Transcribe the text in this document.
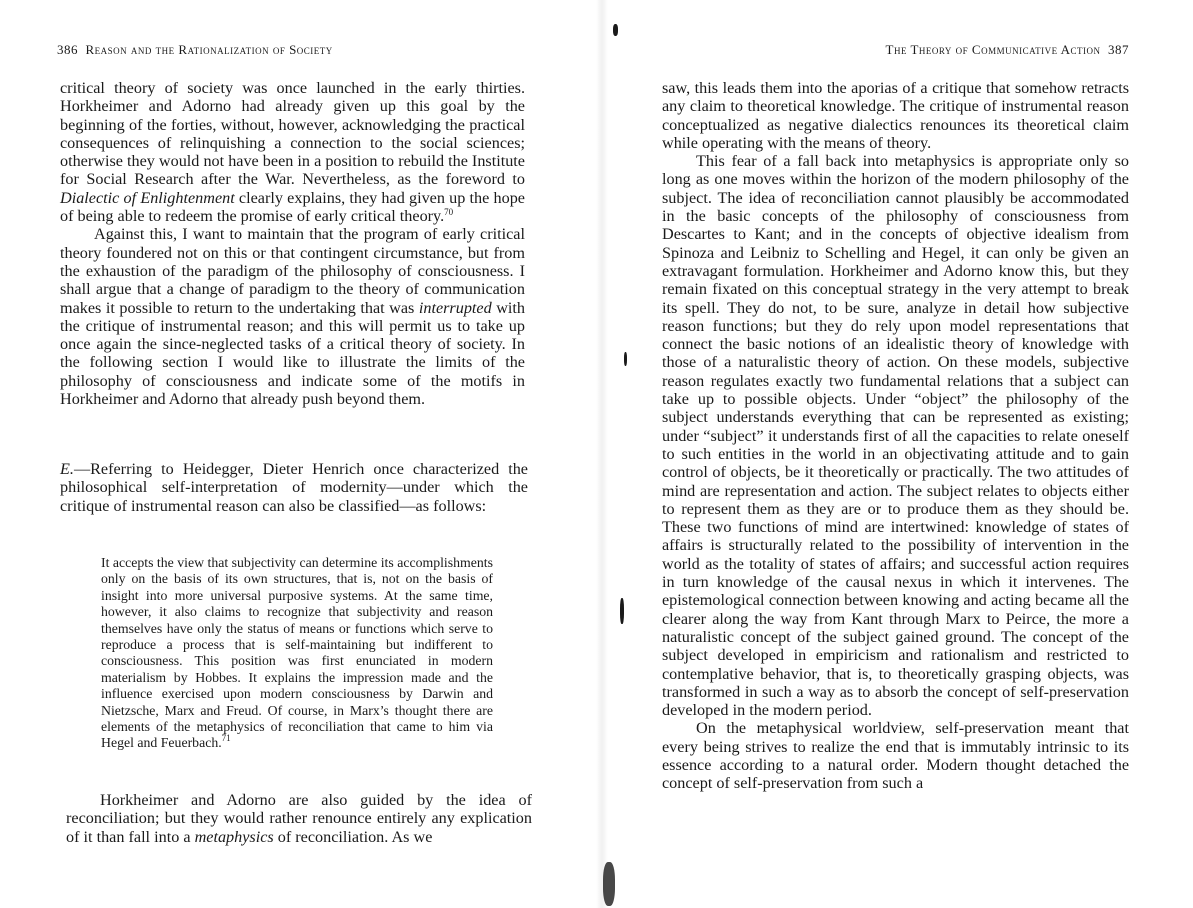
386 Reason and the Rationalization of Society

critical theory of society was once launched in the early thirties. Horkheimer and Adorno had already given up this goal by the beginning of the forties, without, however, acknowledging the practical consequences of relinquishing a connection to the social sciences; otherwise they would not have been in a position to rebuild the Institute for Social Research after the War. Nevertheless, as the foreword to Dialectic of Enlightenment clearly explains, they had given up the hope of being able to redeem the promise of early critical theory.$^{70}$

Against this, I want to maintain that the program of early critical theory foundered not on this or that contingent circumstance, but from the exhaustion of the paradigm of the philosophy of consciousness. I shall argue that a change of paradigm to the theory of communication makes it possible to return to the undertaking that was interrupted with the critique of instrumental reason; and this will permit us to take up once again the since-neglected tasks of a critical theory of society. In the following section I would like to illustrate the limits of the philosophy of consciousness and indicate some of the motifs in Horkheimer and Adorno that already push beyond them.

E.—Referring to Heidegger, Dieter Henrich once characterized the philosophical self-interpretation of modernity—under which the critique of instrumental reason can also be classified—as follows:

It accepts the view that subjectivity can determine its accomplishments only on the basis of its own structures, that is, not on the basis of insight into more universal purposive systems. At the same time, however, it also claims to recognize that subjectivity and reason themselves have only the status of means or functions which serve to reproduce a process that is self-maintaining but indifferent to consciousness. This position was first enunciated in modern materialism by Hobbes. It explains the impression made and the influence exercised upon modern consciousness by Darwin and Nietzsche, Marx and Freud. Of course, in Marx’s thought there are elements of the metaphysics of reconciliation that came to him via Hegel and Feuerbach.$^{71}$

Horkheimer and Adorno are also guided by the idea of reconciliation; but they would rather renounce entirely any explication of it than fall into a metaphysics of reconciliation. As we

The Theory of Communicative Action 387

saw, this leads them into the aporias of a critique that somehow retracts any claim to theoretical knowledge. The critique of instrumental reason conceptualized as negative dialectics renounces its theoretical claim while operating with the means of theory.

This fear of a fall back into metaphysics is appropriate only so long as one moves within the horizon of the modern philosophy of the subject. The idea of reconciliation cannot plausibly be accommodated in the basic concepts of the philosophy of consciousness from Descartes to Kant; and in the concepts of objective idealism from Spinoza and Leibniz to Schelling and Hegel, it can only be given an extravagant formulation. Horkheimer and Adorno know this, but they remain fixated on this conceptual strategy in the very attempt to break its spell. They do not, to be sure, analyze in detail how subjective reason functions; but they do rely upon model representations that connect the basic notions of an idealistic theory of knowledge with those of a naturalistic theory of action. On these models, subjective reason regulates exactly two fundamental relations that a subject can take up to possible objects. Under “object” the philosophy of the subject understands everything that can be represented as existing; under “subject” it understands first of all the capacities to relate oneself to such entities in the world in an objectivating attitude and to gain control of objects, be it theoretically or practically. The two attitudes of mind are representation and action. The subject relates to objects either to represent them as they are or to produce them as they should be. These two functions of mind are intertwined: knowledge of states of affairs is structurally related to the possibility of intervention in the world as the totality of states of affairs; and successful action requires in turn knowledge of the causal nexus in which it intervenes. The epistemological connection between knowing and acting became all the clearer along the way from Kant through Marx to Peirce, the more a naturalistic concept of the subject gained ground. The concept of the subject developed in empiricism and rationalism and restricted to contemplative behavior, that is, to theoretically grasping objects, was transformed in such a way as to absorb the concept of self-preservation developed in the modern period.

On the metaphysical worldview, self-preservation meant that every being strives to realize the end that is immutably intrinsic to its essence according to a natural order. Modern thought detached the concept of self-preservation from such a
